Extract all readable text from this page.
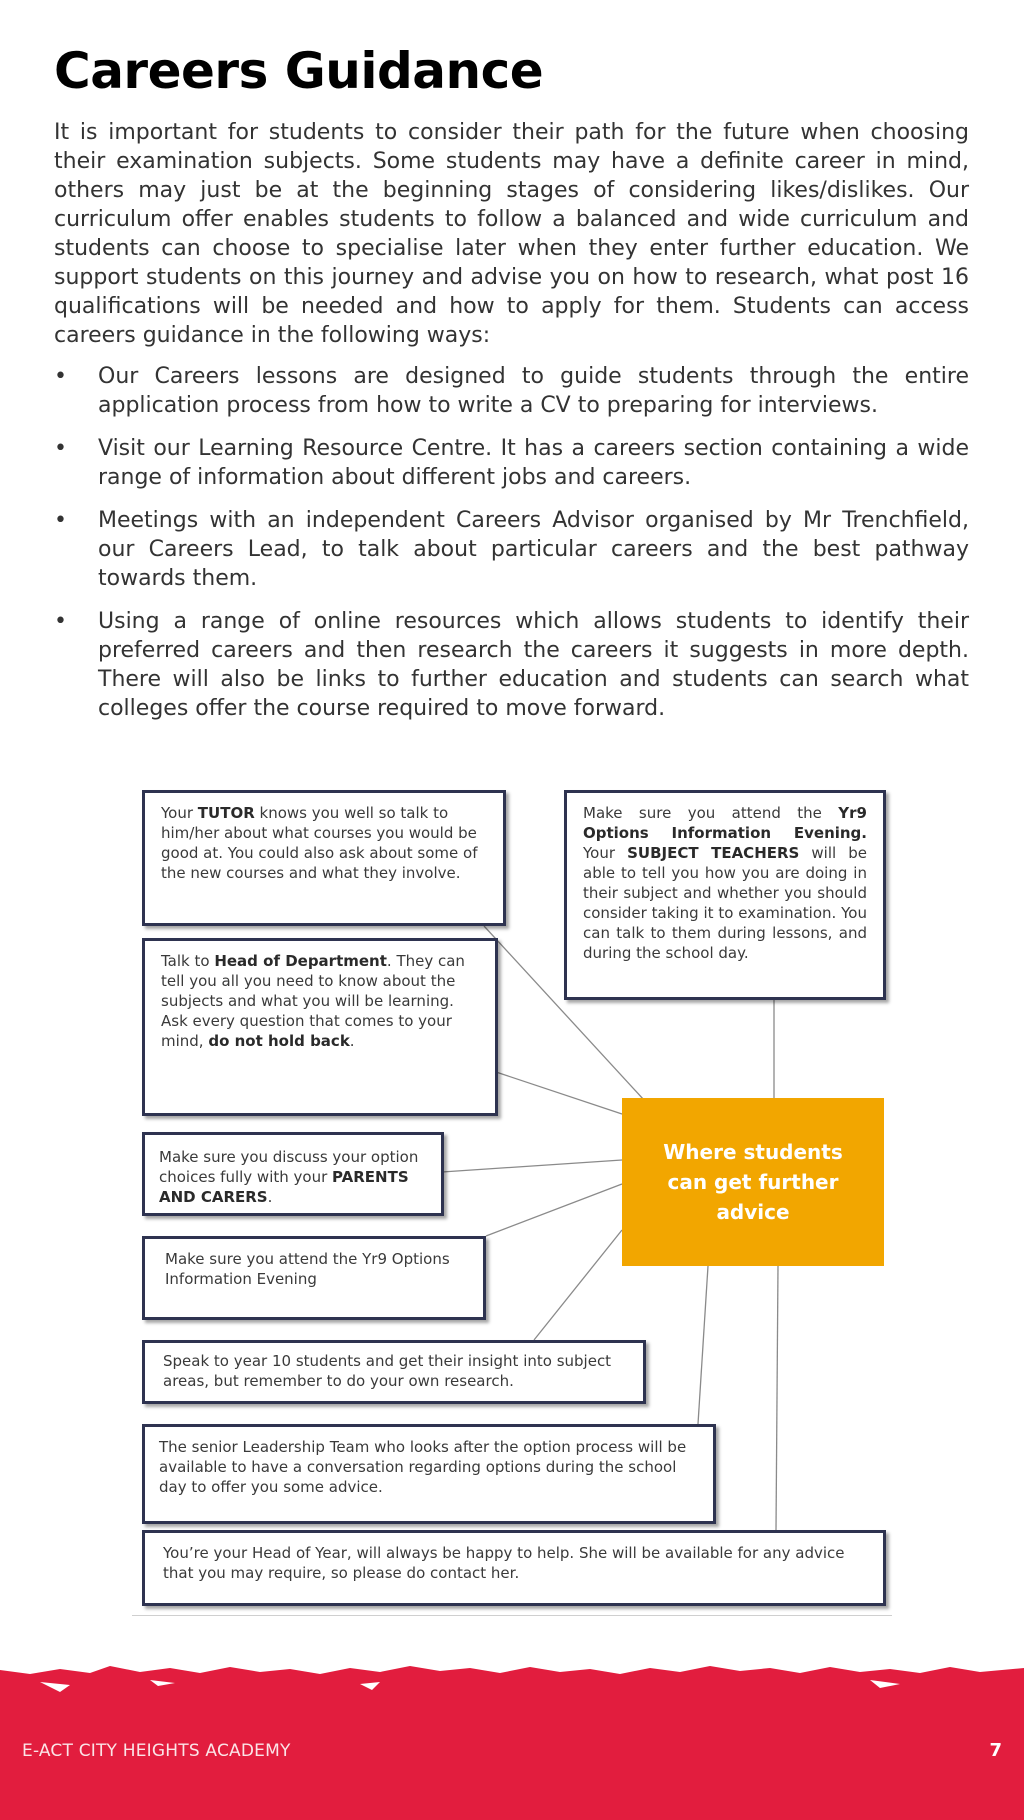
Careers Guidance

It is important for students to consider their path for the future when choosing their examination subjects. Some students may have a definite career in mind, others may just be at the beginning stages of considering likes/dislikes. Our curriculum offer enables students to follow a balanced and wide curriculum and students can choose to specialise later when they enter further education. We support students on this journey and advise you on how to research, what post 16 qualifications will be needed and how to apply for them. Students can access careers guidance in the following ways:

• Our Careers lessons are designed to guide students through the entire application process from how to write a CV to preparing for interviews.
• Visit our Learning Resource Centre. It has a careers section containing a wide range of information about different jobs and careers.
• Meetings with an independent Careers Advisor organised by Mr Trenchfield, our Careers Lead, to talk about particular careers and the best pathway towards them.
• Using a range of online resources which allows students to identify their preferred careers and then research the careers it suggests in more depth. There will also be links to further education and students can search what colleges offer the course required to move forward.
Your TUTOR knows you well so talk to him/her about what courses you would be good at. You could also ask about some of the new courses and what they involve.
Make sure you attend the Yr9 Options Information Evening. Your SUBJECT TEACHERS will be able to tell you how you are doing in their subject and whether you should consider taking it to examination. You can talk to them during lessons, and during the school day.
Talk to Head of Department. They can tell you all you need to know about the subjects and what you will be learning. Ask every question that comes to your mind, do not hold back.
Where students can get further advice
Make sure you discuss your option choices fully with your PARENTS AND CARERS.
Make sure you attend the Yr9 Options Information Evening
Speak to year 10 students and get their insight into subject areas, but remember to do your own research.
The senior Leadership Team who looks after the option process will be available to have a conversation regarding options during the school day to offer you some advice.
You’re your Head of Year, will always be happy to help. She will be available for any advice that you may require, so please do contact her.
E-ACT CITY HEIGHTS ACADEMY	7
